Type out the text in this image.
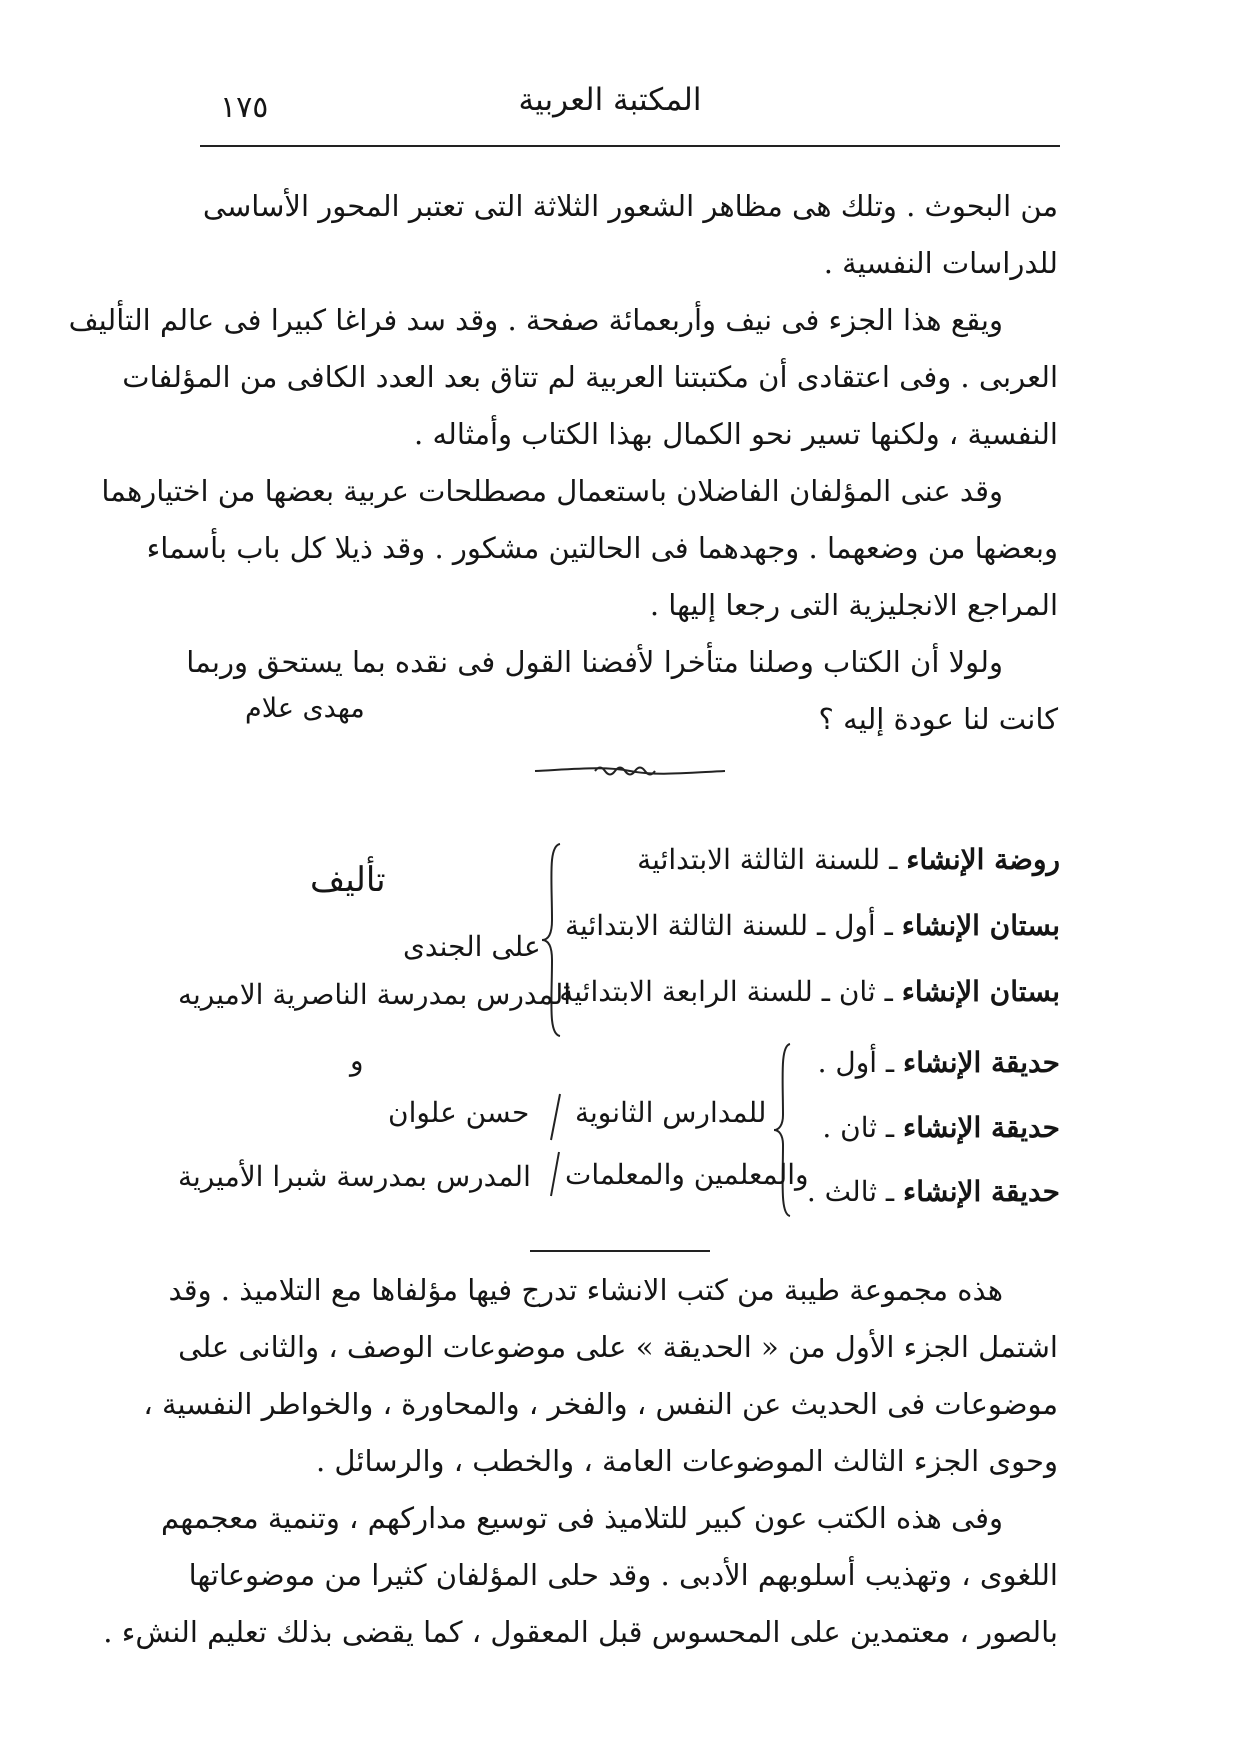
المكتبة العربية
١٧٥
من البحوث . وتلك هى مظاهر الشعور الثلاثة التى تعتبر المحور الأساسى
للدراسات النفسية .
ويقع هذا الجزء فى نيف وأربعمائة صفحة . وقد سد فراغا كبيرا فى عالم التأليف
العربى . وفى اعتقادى أن مكتبتنا العربية لم تتاق بعد العدد الكافى من المؤلفات
النفسية ، ولكنها تسير نحو الكمال بهذا الكتاب وأمثاله .
وقد عنى المؤلفان الفاضلان باستعمال مصطلحات عربية بعضها من اختيارهما
وبعضها من وضعهما . وجهدهما فى الحالتين مشكور . وقد ذيلا كل باب بأسماء
المراجع الانجليزية التى رجعا إليها .
ولولا أن الكتاب وصلنا متأخرا لأفضنا القول فى نقده بما يستحق وربما
كانت لنا عودة إليه ؟
مهدى علام
روضة الإنشاء ـ للسنة الثالثة الابتدائية
بستان الإنشاء ـ أول ـ للسنة الثالثة الابتدائية
بستان الإنشاء ـ ثان ـ للسنة الرابعة الابتدائية
حديقة الإنشاء ـ أول .
حديقة الإنشاء ـ ثان .
حديقة الإنشاء ـ ثالث .
تأليف
على الجندى
المدرس بمدرسة الناصرية الاميريه
و
حسن علوان
المدرس بمدرسة شبرا الأميرية
للمدارس الثانوية
والمعلمين والمعلمات
هذه مجموعة طيبة من كتب الانشاء تدرج فيها مؤلفاها مع التلاميذ . وقد
اشتمل الجزء الأول من « الحديقة » على موضوعات الوصف ، والثانى على
موضوعات فى الحديث عن النفس ، والفخر ، والمحاورة ، والخواطر النفسية ،
وحوى الجزء الثالث الموضوعات العامة ، والخطب ، والرسائل .
وفى هذه الكتب عون كبير للتلاميذ فى توسيع مداركهم ، وتنمية معجمهم
اللغوى ، وتهذيب أسلوبهم الأدبى . وقد حلى المؤلفان كثيرا من موضوعاتها
بالصور ، معتمدين على المحسوس قبل المعقول ، كما يقضى بذلك تعليم النشء .
